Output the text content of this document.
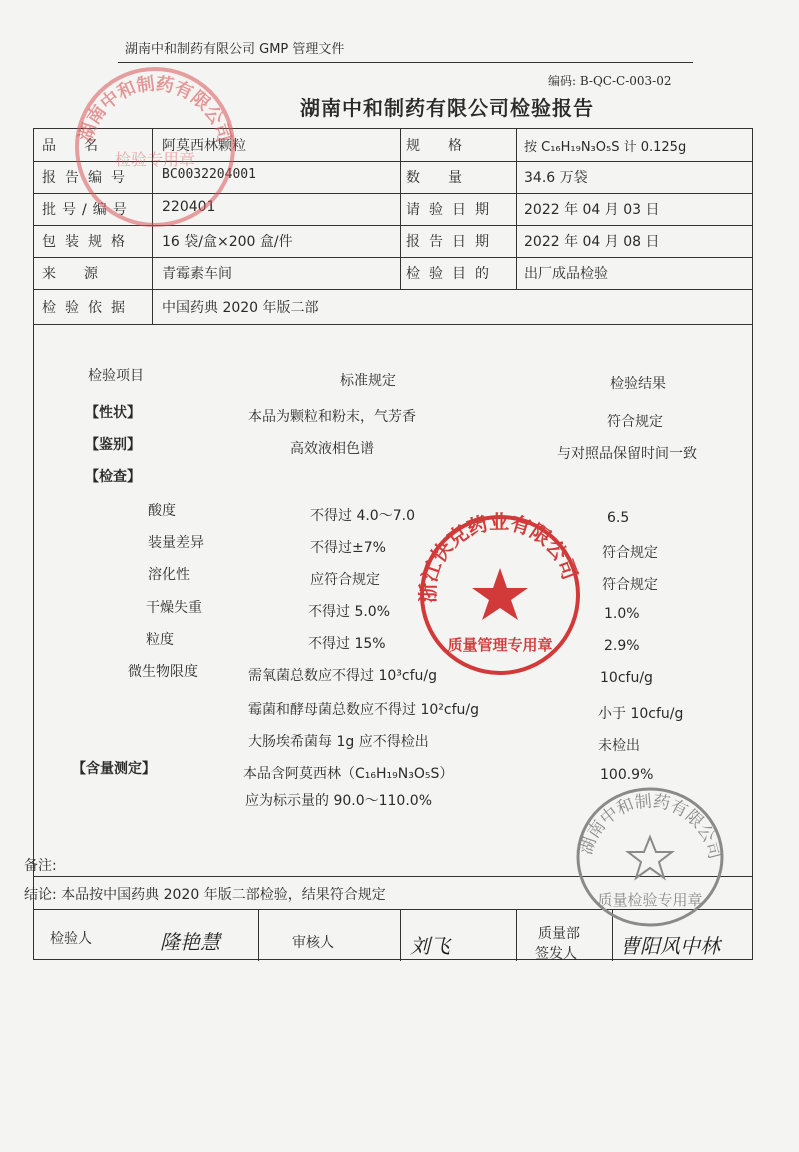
湖南中和制药有限公司 GMP 管理文件
编码: B-QC-C-003-02
湖南中和制药有限公司检验报告
品　　名	阿莫西林颗粒	规　　格	按 C₁₆H₁₉N₃O₅S 计 0.125g
报告编号 BC0032204001	数　　量	34.6 万袋
批号/编号 220401	请验日期 2022 年 04 月 03 日
包装规格 16 袋/盒×200 盒/件	报告日期 2022 年 04 月 08 日
来　　源	青霉素车间	检验目的 出厂成品检验
检验依据 中国药典 2020 年版二部
检验项目	标准规定	检验结果
【性状】	本品为颗粒和粉末，气芳香	符合规定
【鉴别】	高效液相色谱	与对照品保留时间一致
【检查】
酸度	不得过 4.0～7.0	6.5
装量差异	不得过±7%	符合规定
溶化性	应符合规定	符合规定
干燥失重	不得过 5.0%	1.0%
粒度	不得过 15%	2.9%
微生物限度	需氧菌总数应不得过 10³cfu/g	10cfu/g
霉菌和酵母菌总数应不得过 10²cfu/g	小于 10cfu/g
大肠埃希菌每 1g 应不得检出	未检出
【含量测定】	本品含阿莫西林（C₁₆H₁₉N₃O₅S）	100.9%
应为标示量的 90.0～110.0%
备注:
结论: 本品按中国药典 2020 年版二部检验，结果符合规定
检验人	隆艳慧	审核人	刘飞	质量部
签发人 曹阳风中林
湖南中和制药有限公司
检验专用章
浙江快克药业有限公司
质量管理专用章
湖南中和制药有限公司
质量检验专用章
